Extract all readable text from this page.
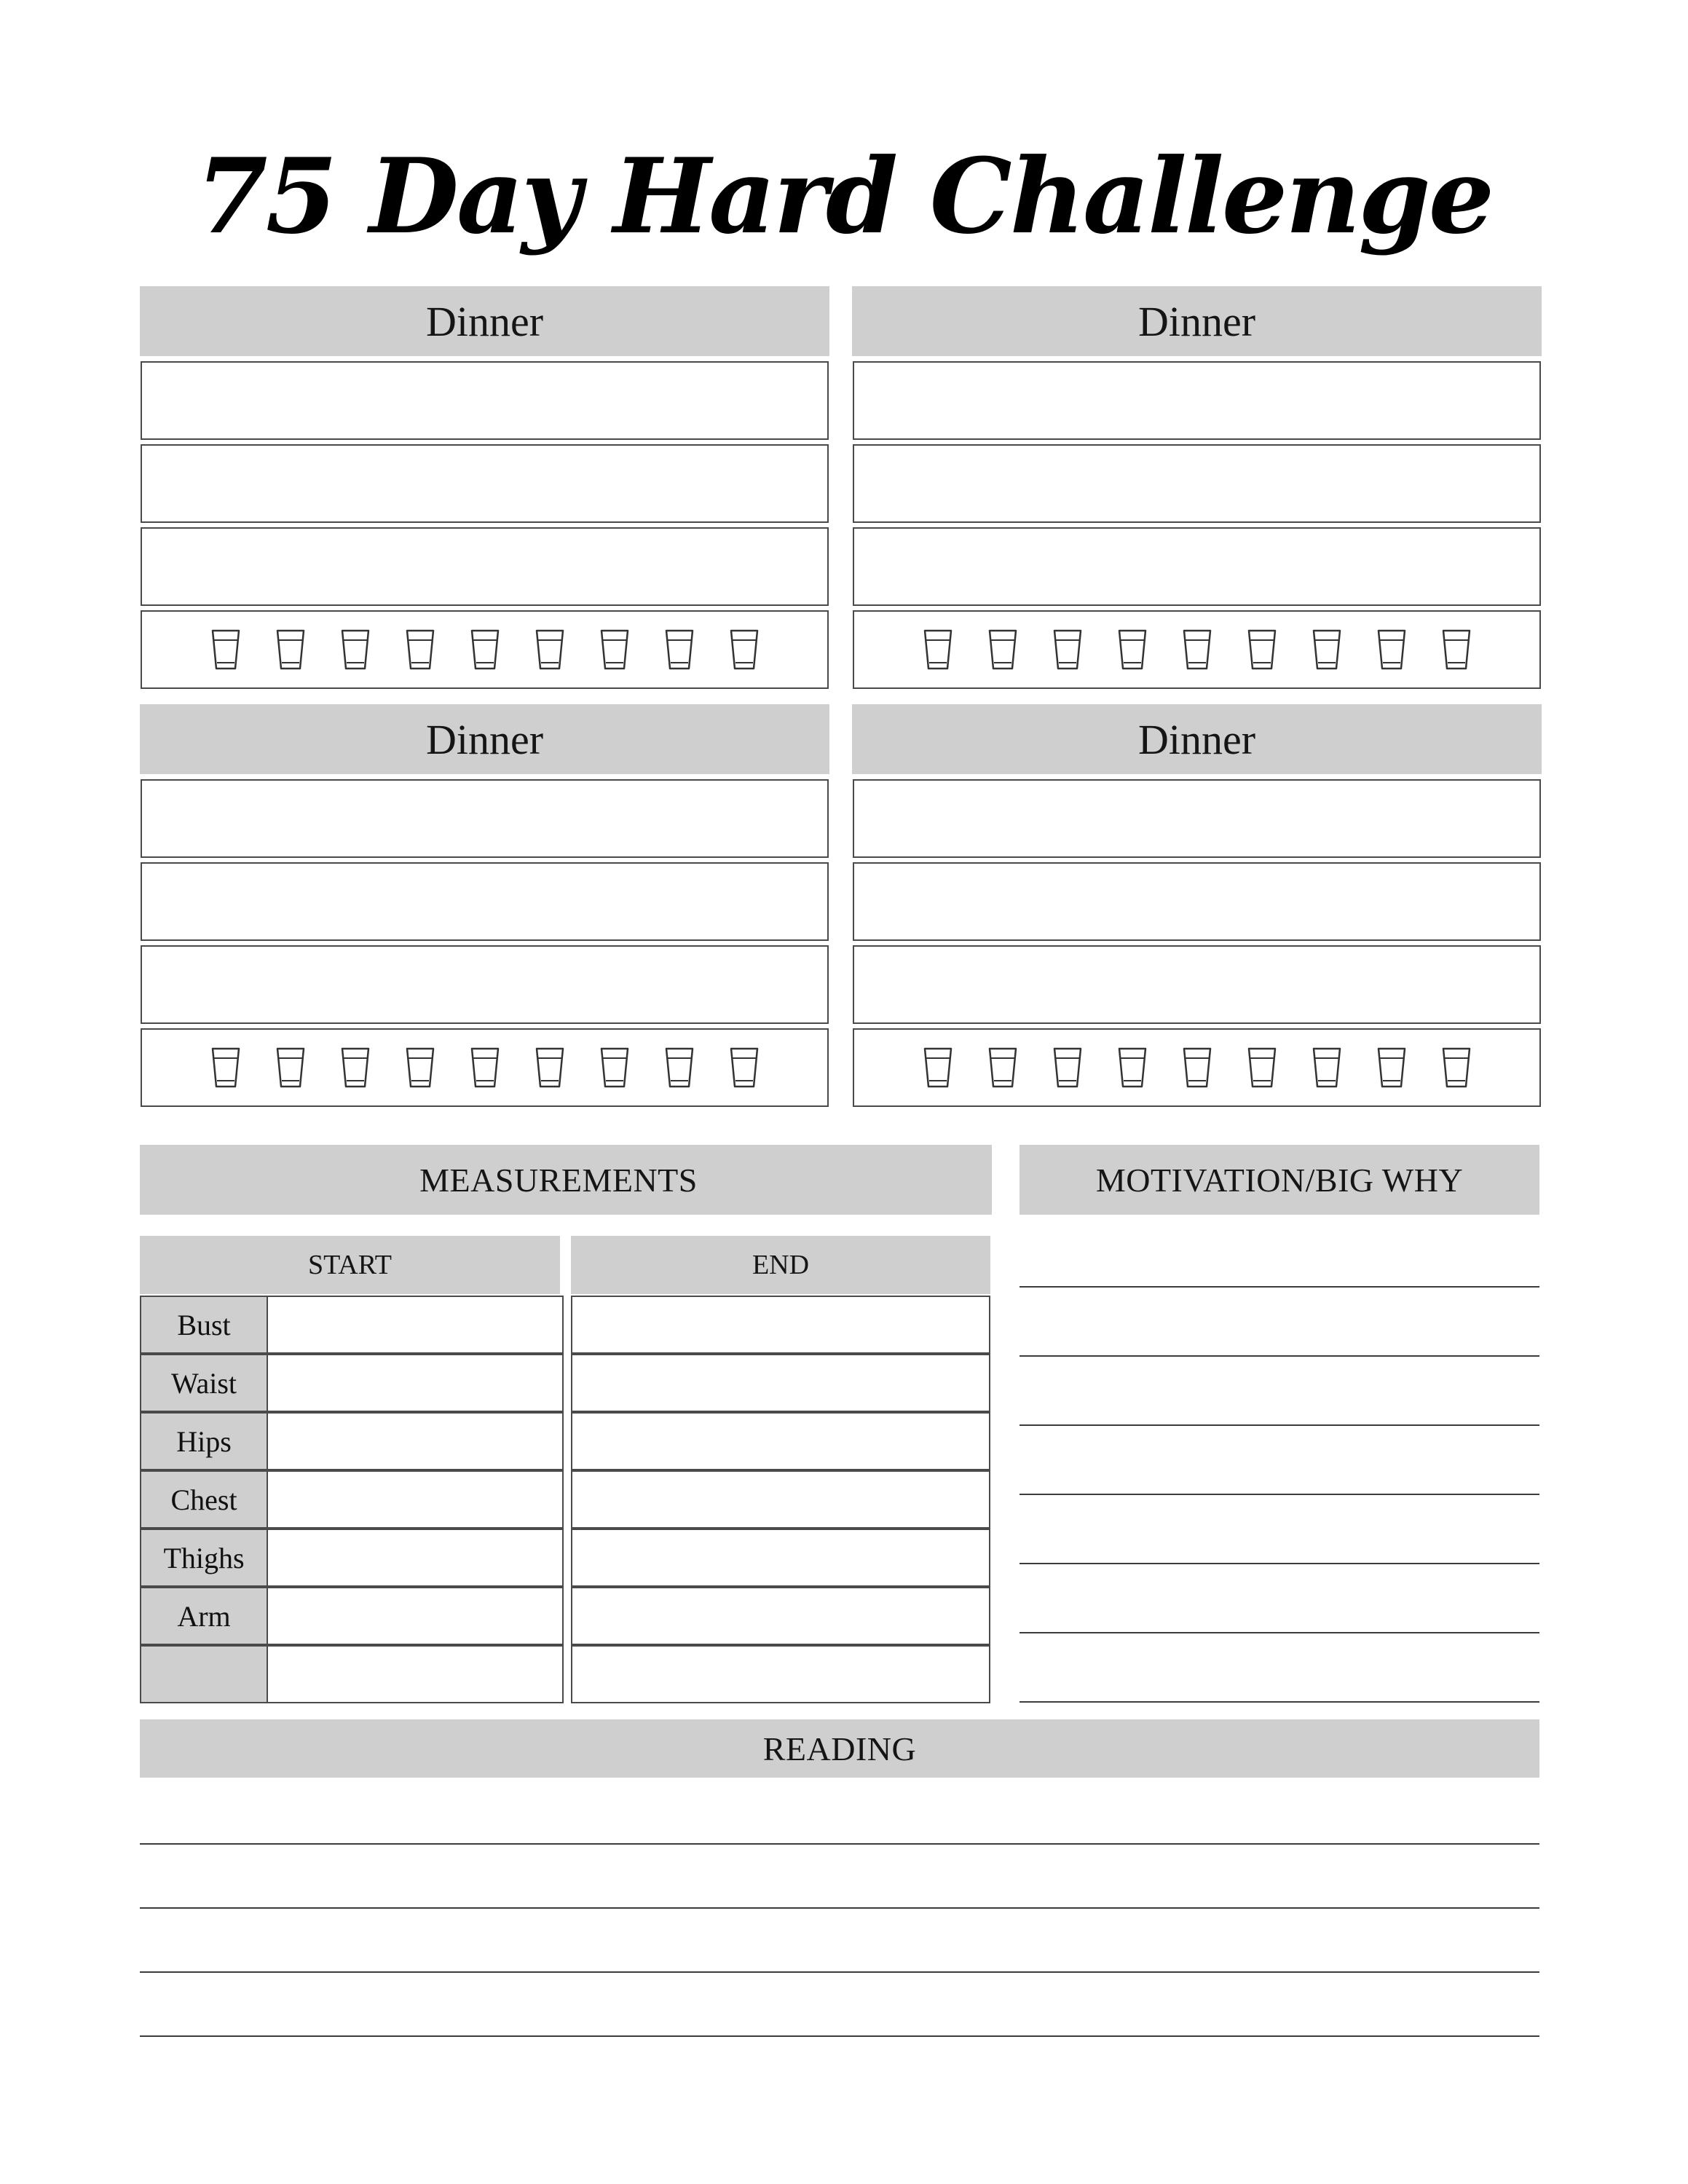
75 Day Hard Challenge
Dinner	Dinner
Dinner	Dinner
MEASUREMENTS
START	END
Bust
Waist
Hips
Chest
Thighs
Arm
MOTIVATION/BIG WHY
READING
